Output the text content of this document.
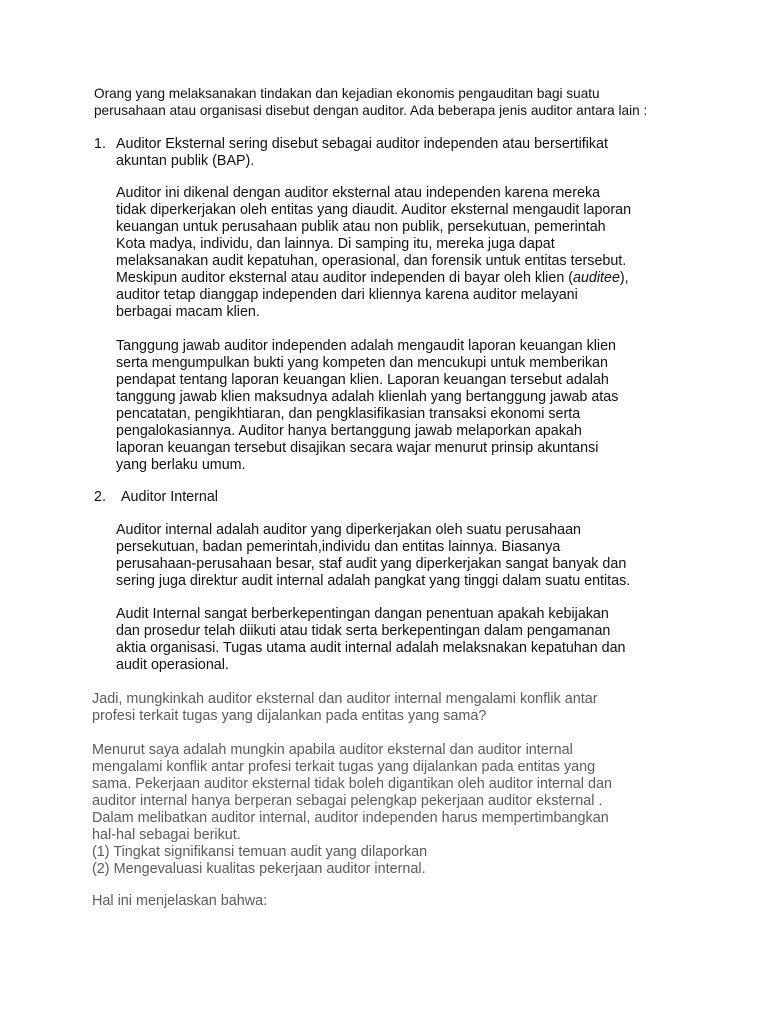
Orang yang melaksanakan tindakan dan kejadian ekonomis pengauditan bagi suatu
perusahaan atau organisasi disebut dengan auditor. Ada beberapa jenis auditor antara lain :
1. Auditor Eksternal sering disebut sebagai auditor independen atau bersertifikat
akuntan publik (BAP).
Auditor ini dikenal dengan auditor eksternal atau independen karena mereka
tidak diperkerjakan oleh entitas yang diaudit. Auditor eksternal mengaudit laporan
keuangan untuk perusahaan publik atau non publik, persekutuan, pemerintah
Kota madya, individu, dan lainnya. Di samping itu, mereka juga dapat
melaksanakan audit kepatuhan, operasional, dan forensik untuk entitas tersebut.
Meskipun auditor eksternal atau auditor independen di bayar oleh klien (auditee),
auditor tetap dianggap independen dari kliennya karena auditor melayani
berbagai macam klien.
Tanggung jawab auditor independen adalah mengaudit laporan keuangan klien
serta mengumpulkan bukti yang kompeten dan mencukupi untuk memberikan
pendapat tentang laporan keuangan klien. Laporan keuangan tersebut adalah
tanggung jawab klien maksudnya adalah klienlah yang bertanggung jawab atas
pencatatan, pengikhtiaran, dan pengklasifikasian transaksi ekonomi serta
pengalokasiannya. Auditor hanya bertanggung jawab melaporkan apakah
laporan keuangan tersebut disajikan secara wajar menurut prinsip akuntansi
yang berlaku umum.
2. Auditor Internal
Auditor internal adalah auditor yang diperkerjakan oleh suatu perusahaan
persekutuan, badan pemerintah,individu dan entitas lainnya. Biasanya
perusahaan-perusahaan besar, staf audit yang diperkerjakan sangat banyak dan
sering juga direktur audit internal adalah pangkat yang tinggi dalam suatu entitas.
Audit Internal sangat berberkepentingan dangan penentuan apakah kebijakan
dan prosedur telah diikuti atau tidak serta berkepentingan dalam pengamanan
aktia organisasi. Tugas utama audit internal adalah melaksnakan kepatuhan dan
audit operasional.
Jadi, mungkinkah auditor eksternal dan auditor internal mengalami konflik antar
profesi terkait tugas yang dijalankan pada entitas yang sama?
Menurut saya adalah mungkin apabila auditor eksternal dan auditor internal
mengalami konflik antar profesi terkait tugas yang dijalankan pada entitas yang
sama. Pekerjaan auditor eksternal tidak boleh digantikan oleh auditor internal dan
auditor internal hanya berperan sebagai pelengkap pekerjaan auditor eksternal .
Dalam melibatkan auditor internal, auditor independen harus mempertimbangkan
hal-hal sebagai berikut.
(1) Tingkat signifikansi temuan audit yang dilaporkan
(2) Mengevaluasi kualitas pekerjaan auditor internal.
Hal ini menjelaskan bahwa:
